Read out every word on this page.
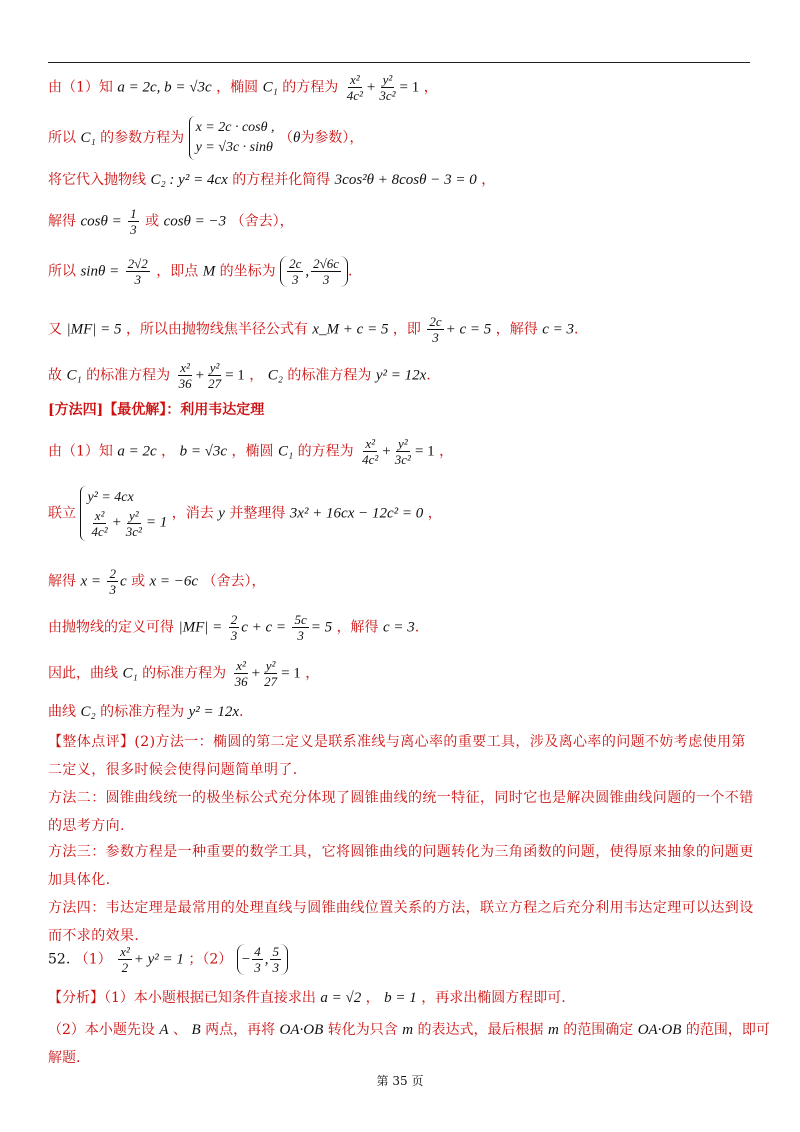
由（1）知 a = 2c, b = √3c ，椭圆 C₁ 的方程为 $\frac{\text{x²}}{\text{4c²}} + \frac{\text{y²}}{\text{3c²}} = 1$ ，
所以 C₁ 的参数方程为
x = 2c · cosθ ,
y = √3c · sinθ
（θ为参数），
将它代入抛物线 C₂ : y² = 4cx 的方程并化简得 3cos²θ + 8cosθ − 3 = 0 ，
解得 $\cos\theta = \frac{1}{3}$ 或 cosθ = −3 （舍去），
所以 $\sin\theta = \frac{2√2}{3}$ ，即点 M 的坐标为 $\frac{2c}{3}$ , $\frac{2√6c}{3}$ .
又 |MF| = 5 ，所以由抛物线焦半径公式有 x_M + c = 5 ，即 $\frac{2c}{3} + c = 5$ ，解得 c = 3.
故 C₁ 的标准方程为 $\frac{\text{x²}}{36} + \frac{\text{y²}}{27} = 1$ ， C₂ 的标准方程为 y² = 12x.
[方法四]【最优解】：利用韦达定理
由（1）知 a = 2c ， b = √3c ，椭圆 C₁ 的方程为 $\frac{\text{x²}}{\text{4c²}} + \frac{\text{y²}}{\text{3c²}} = 1$ ，
联立
y² = 4cx
$\frac{\text{x²}}{\text{4c²}} + \frac{\text{y²}}{\text{3c²}} = 1$
，消去 y 并整理得 3x² + 16cx − 12c² = 0 ，
解得 $x = \frac{2}{3}$ c 或 x = −6c （舍去），
由抛物线的定义可得 $|MF| = \frac{2}{3}$ $c + c = \frac{5c}{3} = 5$ ，解得 c = 3.
因此，曲线 C₁ 的标准方程为 $\frac{\text{x²}}{36} + \frac{\text{y²}}{27} = 1$ ，
曲线 C₂ 的标准方程为 y² = 12x.
【整体点评】(2)方法一：椭圆的第二定义是联系准线与离心率的重要工具，涉及离心率的问题不妨考虑使用第二定义，很多时候会使得问题简单明了.
方法二：圆锥曲线统一的极坐标公式充分体现了圆锥曲线的统一特征，同时它也是解决圆锥曲线问题的一个不错的思考方向.
方法三：参数方程是一种重要的数学工具，它将圆锥曲线的问题转化为三角函数的问题，使得原来抽象的问题更加具体化.
方法四：韦达定理是最常用的处理直线与圆锥曲线位置关系的方法，联立方程之后充分利用韦达定理可以达到设而不求的效果.
52. $(1) \frac{\text{x²}}{2} + y^2 = 1$ ；$(2) - \frac{4}{3}$ , $\frac{5}{3}$
【分析】（1）本小题根据已知条件直接求出 a = √2 ， b = 1 ，再求出椭圆方程即可.
（2）本小题先设 A 、 B 两点，再将 OA·OB 转化为只含 m 的表达式，最后根据 m 的范围确定 OA·OB 的范围，即可
解题.
第 35 页
